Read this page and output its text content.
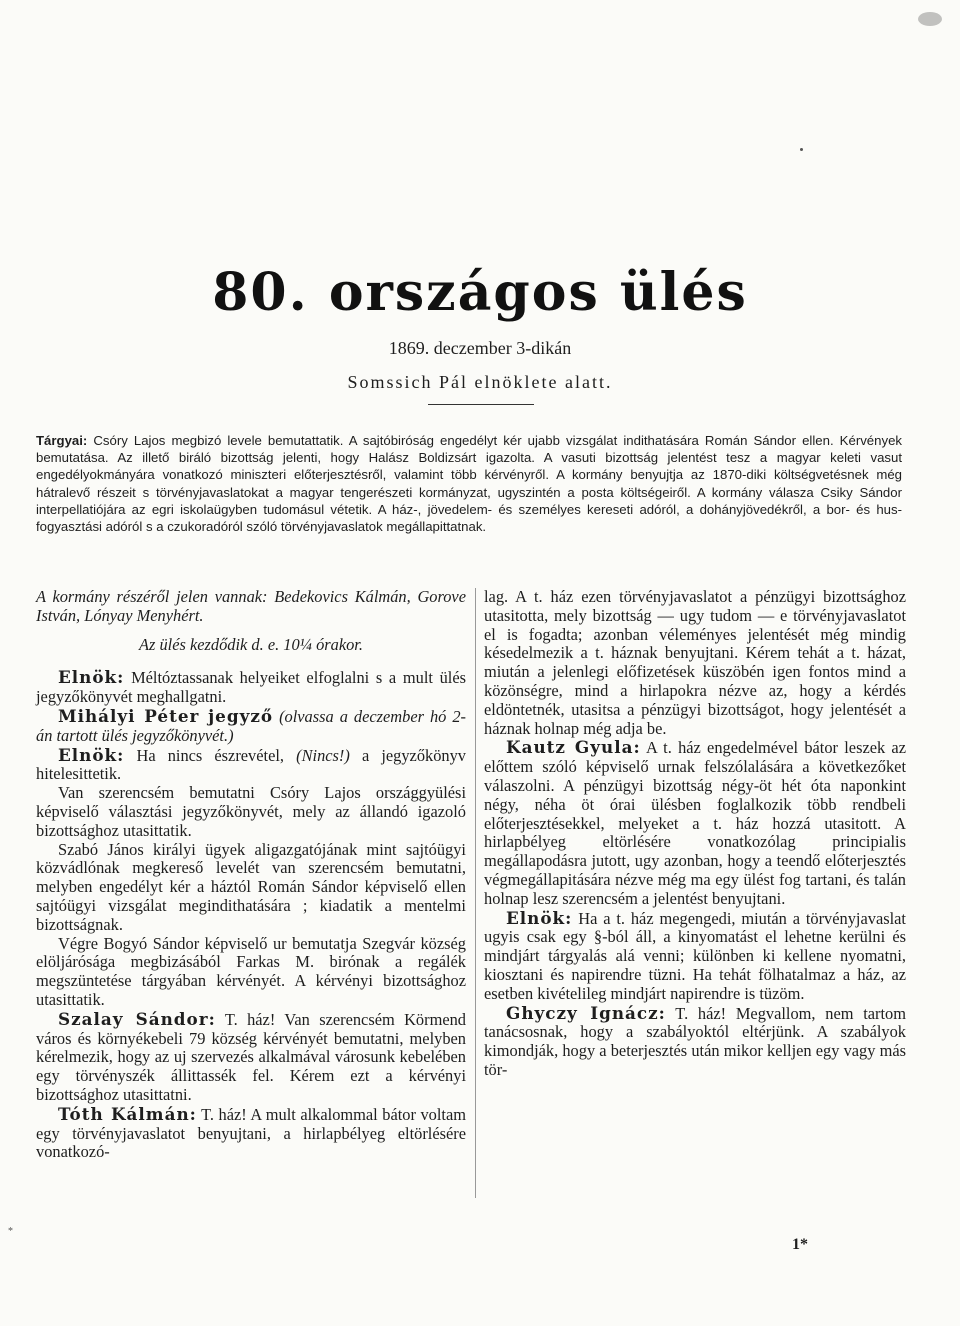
80. országos ülés
1869. deczember 3-dikán
Somssich Pál elnöklete alatt.
Tárgyai: Csóry Lajos megbizó levele bemutattatik. A sajtóbiróság engedélyt kér ujabb vizsgálat indithatására Román Sándor ellen. Kérvények bemutatása. Az illető biráló bizottság jelenti, hogy Halász Boldizsárt igazolta. A vasuti bizottság jelentést tesz a magyar keleti vasut engedélyokmányára vonatkozó miniszteri előterjesztésről, valamint több kérvényről. A kormány benyujtja az 1870-diki költségvetésnek még hátralevő részeit s törvényjavaslatokat a magyar tengerészeti kormányzat, ugyszintén a posta költségeiről. A kormány válasza Csiky Sándor interpellatiójára az egri iskolaügyben tudomásul vétetik. A ház-, jövedelem- és személyes kereseti adóról, a dohányjövedékről, a bor- és hus-fogyasztási adóról s a czukoradóról szóló törvényjavaslatok megállapittatnak.

A kormány részéről jelen vannak: Bedekovics Kálmán, Gorove István, Lónyay Menyhért.

Az ülés kezdődik d. e. 10¼ órakor.

Elnök: Méltóztassanak helyeiket elfoglalni s a mult ülés jegyzőkönyvét meghallgatni.

Mihályi Péter jegyző (olvassa a deczember hó 2-án tartott ülés jegyzőkönyvét.)

Elnök: Ha nincs észrevétel, (Nincs!) a jegyzőkönyv hitelesittetik.

Van szerencsém bemutatni Csóry Lajos országgyülési képviselő választási jegyzőkönyvét, mely az állandó igazoló bizottsághoz utasittatik.

Szabó János királyi ügyek aligazgatójának mint sajtóügyi közvádlónak megkereső levelét van szerencsém bemutatni, melyben engedélyt kér a háztól Román Sándor képviselő ellen sajtóügyi vizsgálat megindithatására ; kiadatik a mentelmi bizottságnak.

Végre Bogyó Sándor képviselő ur bemutatja Szegvár község elöljárósága megbizásából Farkas M. birónak a regálék megszüntetése tárgyában kérvényét. A kérvényi bizottsághoz utasittatik.

Szalay Sándor: T. ház! Van szerencsém Körmend város és környékebeli 79 község kérvényét bemutatni, melyben kérelmezik, hogy az uj szervezés alkalmával városunk kebelében egy törvényszék állittassék fel. Kérem ezt a kérvényi bizottsághoz utasittatni.

Tóth Kálmán: T. ház! A mult alkalommal bátor voltam egy törvényjavaslatot benyujtani, a hirlapbélyeg eltörlésére vonatkozó-

lag. A t. ház ezen törvényjavaslatot a pénzügyi bizottsághoz utasitotta, mely bizottság — ugy tudom — e törvényjavaslatot el is fogadta; azonban véleményes jelentését még mindig késedelmezik a t. háznak benyujtani. Kérem tehát a t. házat, miután a jelenlegi előfizetések küszöbén igen fontos mind a közönségre, mind a hirlapokra nézve az, hogy a kérdés eldöntetnék, utasitsa a pénzügyi bizottságot, hogy jelentését a háznak holnap még adja be.

Kautz Gyula: A t. ház engedelmével bátor leszek az előttem szóló képviselő urnak felszólalására a következőket válaszolni. A pénzügyi bizottság négy-öt hét óta naponkint négy, néha öt órai ülésben foglalkozik több rendbeli előterjesztésekkel, melyeket a t. ház hozzá utasitott. A hirlapbélyeg eltörlésére vonatkozólag principialis megállapodásra jutott, ugy azonban, hogy a teendő előterjesztés végmegállapitására nézve még ma egy ülést fog tartani, és talán holnap lesz szerencsém a jelentést benyujtani.

Elnök: Ha a t. ház megengedi, miután a törvényjavaslat ugyis csak egy §-ból áll, a kinyomatást el lehetne kerülni és mindjárt tárgyalás alá venni; különben ki kellene nyomatni, kiosztani és napirendre tüzni. Ha tehát fölhatalmaz a ház, az esetben kivételileg mindjárt napirendre is tüzöm.

Ghyczy Ignácz: T. ház! Megvallom, nem tartom tanácsosnak, hogy a szabályoktól eltérjünk. A szabályok kimondják, hogy a beterjesztés után mikor kelljen egy vagy más tör-

1*
*
